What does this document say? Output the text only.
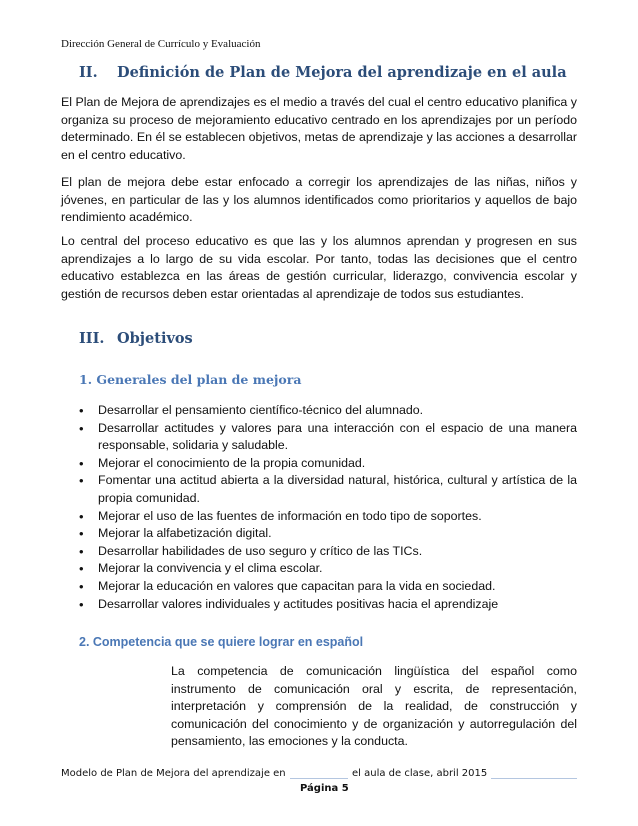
Dirección General de Currículo y Evaluación
II. Definición de Plan de Mejora del aprendizaje en el aula

El Plan de Mejora de aprendizajes es el medio a través del cual el centro educativo planifica y organiza su proceso de mejoramiento educativo centrado en los aprendizajes por un período determinado. En él se establecen objetivos, metas de aprendizaje y las acciones a desarrollar en el centro educativo.

El plan de mejora debe estar enfocado a corregir los aprendizajes de las niñas, niños y jóvenes, en particular de las y los alumnos identificados como prioritarios y aquellos de bajo rendimiento académico.

Lo central del proceso educativo es que las y los alumnos aprendan y progresen en sus aprendizajes a lo largo de su vida escolar. Por tanto, todas las decisiones que el centro educativo establezca en las áreas de gestión curricular, liderazgo, convivencia escolar y gestión de recursos deben estar orientadas al aprendizaje de todos sus estudiantes.

III. Objetivos
1. Generales del plan de mejora
• Desarrollar el pensamiento científico-técnico del alumnado.
• Desarrollar actitudes y valores para una interacción con el espacio de una manera responsable, solidaria y saludable.
• Mejorar el conocimiento de la propia comunidad.
• Fomentar una actitud abierta a la diversidad natural, histórica, cultural y artística de la propia comunidad.
• Mejorar el uso de las fuentes de información en todo tipo de soportes.
• Mejorar la alfabetización digital.
• Desarrollar habilidades de uso seguro y crítico de las TICs.
• Mejorar la convivencia y el clima escolar.
• Mejorar la educación en valores que capacitan para la vida en sociedad.
• Desarrollar valores individuales y actitudes positivas hacia el aprendizaje
2. Competencia que se quiere lograr en español

La competencia de comunicación lingüística del español como instrumento de comunicación oral y escrita, de representación, interpretación y comprensión de la realidad, de construcción y comunicación del conocimiento y de organización y autorregulación del pensamiento, las emociones y la conducta.

Modelo de Plan de Mejora del aprendizaje en	el aula de clase, abril 2015
Página 5
